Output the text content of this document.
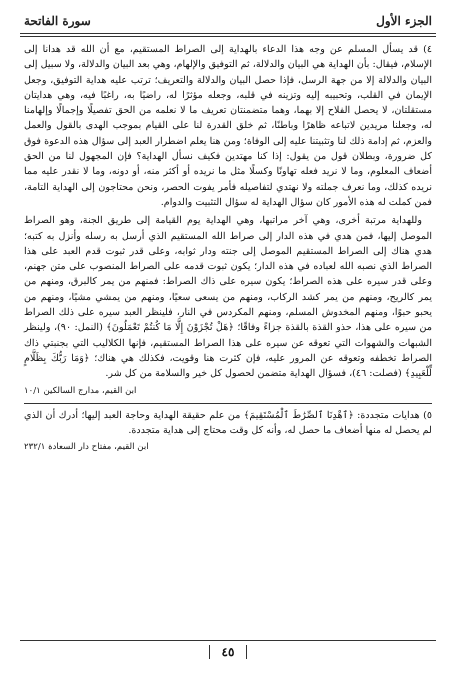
الجزء الأول
سورة الفاتحة

٤) قد يسأل المسلم عن وجه هذا الدعاء بالهداية إلى الصراط المستقيم، مع أن الله قد هدانا إلى الإسلام، فيقال: بأن الهداية هي البيان والدلالة، ثم التوفيق والإلهام، وهي بعد البيان والدلالة، ولا سبيل إلى البيان والدلالة إلا من جهة الرسل، فإذا حصل البيان والدلالة والتعريف؛ ترتب عليه هداية التوفيق، وجعل الإيمان في القلب، وتحبيبه إليه وتزينه في قلبه، وجعله مؤثرًا له، راضيًا به، راغبًا فيه، وهي هدايتان مستقلتان، لا يحصل الفلاح إلا بهما، وهما متضمنتان تعريف ما لا نعلمه من الحق تفصيلًا وإجمالًا وإلهامنا له، وجعلنا مريدين لاتباعه ظاهرًا وباطنًا، ثم خلق القدرة لنا على القيام بموجب الهدى بالقول والعمل والعزم، ثم إدامة ذلك لنا وتثبيتنا عليه إلى الوفاة؛ ومن هنا يعلم اضطرار العبد إلى سؤال هذه الدعوة فوق كل ضرورة، وبطلان قول من يقول: إذا كنا مهتدين فكيف نسأل الهداية؟ فإن المجهول لنا من الحق أضعاف المعلوم، وما لا نريد فعله تهاونًا وكسلًا مثل ما نريده أو أكثر منه، أو دونه، وما لا نقدر عليه مما نريده كذلك، وما نعرف جملته ولا نهتدي لتفاصيله فأمر يفوت الحصر، ونحن محتاجون إلى الهداية التامة، فمن كملت له هذه الأمور كان سؤال الهداية له سؤال التثبيت والدوام.

وللهداية مرتبة أخرى، وهي آخر مراتبها، وهي الهداية يوم القيامة إلى طريق الجنة، وهو الصراط الموصل إليها، فمن هدي في هذه الدار إلى صراط الله المستقيم الذي أرسل به رسله وأنزل به كتبه؛ هدي هناك إلى الصراط المستقيم الموصل إلى جنته ودار ثوابه، وعلى قدر ثبوت قدم العبد على هذا الصراط الذي نصبه الله لعباده في هذه الدار؛ يكون ثبوت قدمه على الصراط المنصوب على متن جهنم، وعلى قدر سيره على هذه الصراط؛ يكون سيره على ذاك الصراط: فمنهم من يمر كالبرق، ومنهم من يمر كالريح، ومنهم من يمر كشد الركاب، ومنهم من يسعى سعيًا، ومنهم من يمشي مشيًا، ومنهم من يحبو حبوًا، ومنهم المخدوش المسلم، ومنهم المكردس في النار، فلينظر العبد سيره على ذلك الصراط من سيره على هذا، حذو القذة بالقذة جزاءً وفاقًا؛ ﴿هَلْ تُجْزَوْنَ إِلَّا مَا كُنتُمْ تَعْمَلُونَ﴾ (النمل: ٩٠)، ولينظر الشبهات والشهوات التي تعوقه عن سيره على هذا الصراط المستقيم، فإنها الكلاليب التي بجنبتي ذاك الصراط تخطفه وتعوقه عن المرور عليه، فإن كثرت هنا وقويت، فكذلك هي هناك؛ ﴿وَمَا رَبُّكَ بِظَلَّامٍ لِّلْعَبِيدِ﴾ (فصلت: ٤٦)، فسؤال الهداية متضمن لحصول كل خير والسلامة من كل شر.

ابن القيم، مدارج السالكين ١٠/١

٥) هدايات متجددة: ﴿ٱهْدِنَا ٱلصِّرَٰطَ ٱلْمُسْتَقِيمَ﴾ من علم حقيقة الهداية وحاجة العبد إليها؛ أدرك أن الذي لم يحصل له منها أضعاف ما حصل له، وأنه كل وقت محتاج إلى هداية متجددة.

ابن القيم، مفتاح دار السعادة ٢٣٢/١
٤٥
